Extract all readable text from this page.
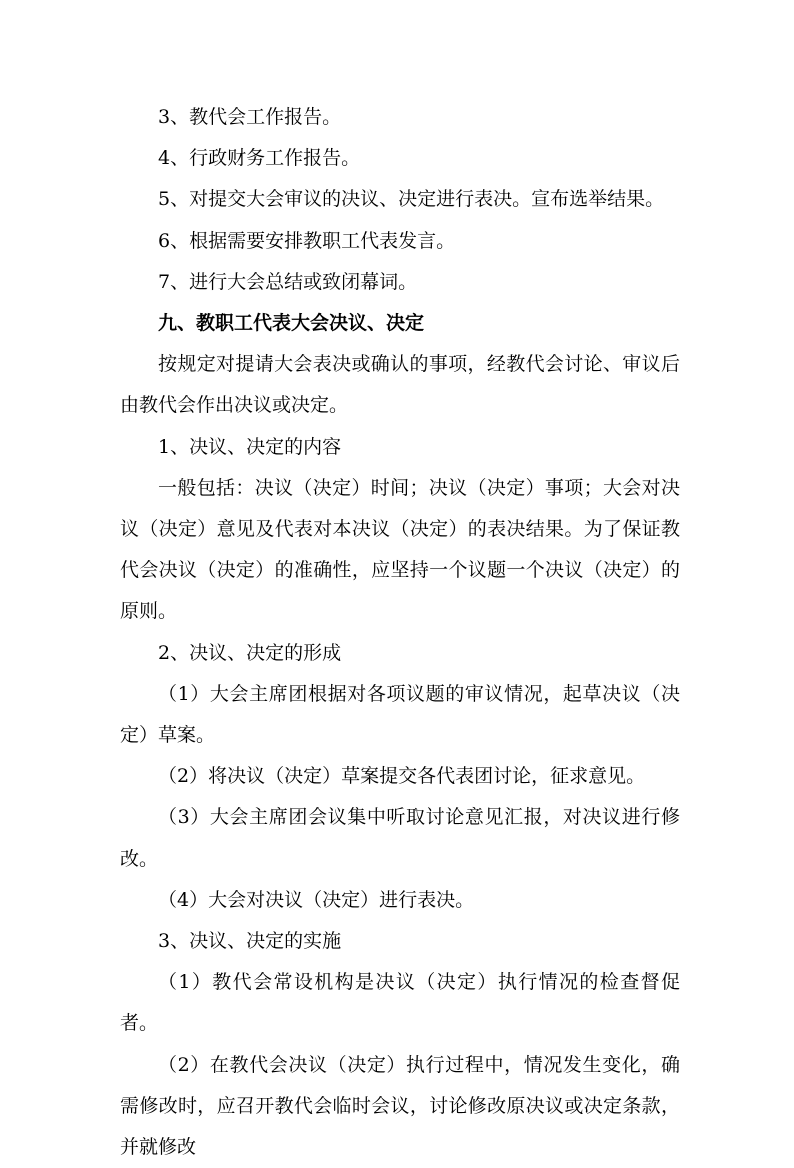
3、教代会工作报告。

4、行政财务工作报告。

5、对提交大会审议的决议、决定进行表决。宣布选举结果。

6、根据需要安排教职工代表发言。

7、进行大会总结或致闭幕词。

九、教职工代表大会决议、决定

按规定对提请大会表决或确认的事项，经教代会讨论、审议后由教代会作出决议或决定。

1、决议、决定的内容

一般包括：决议（决定）时间；决议（决定）事项；大会对决议（决定）意见及代表对本决议（决定）的表决结果。为了保证教代会决议（决定）的准确性，应坚持一个议题一个决议（决定）的原则。

2、决议、决定的形成

（1）大会主席团根据对各项议题的审议情况，起草决议（决定）草案。

（2）将决议（决定）草案提交各代表团讨论，征求意见。

（3）大会主席团会议集中听取讨论意见汇报，对决议进行修改。

（4）大会对决议（决定）进行表决。

3、决议、决定的实施

（1）教代会常设机构是决议（决定）执行情况的检查督促者。

（2）在教代会决议（决定）执行过程中，情况发生变化，确需修改时，应召开教代会临时会议，讨论修改原决议或决定条款，并就修改
